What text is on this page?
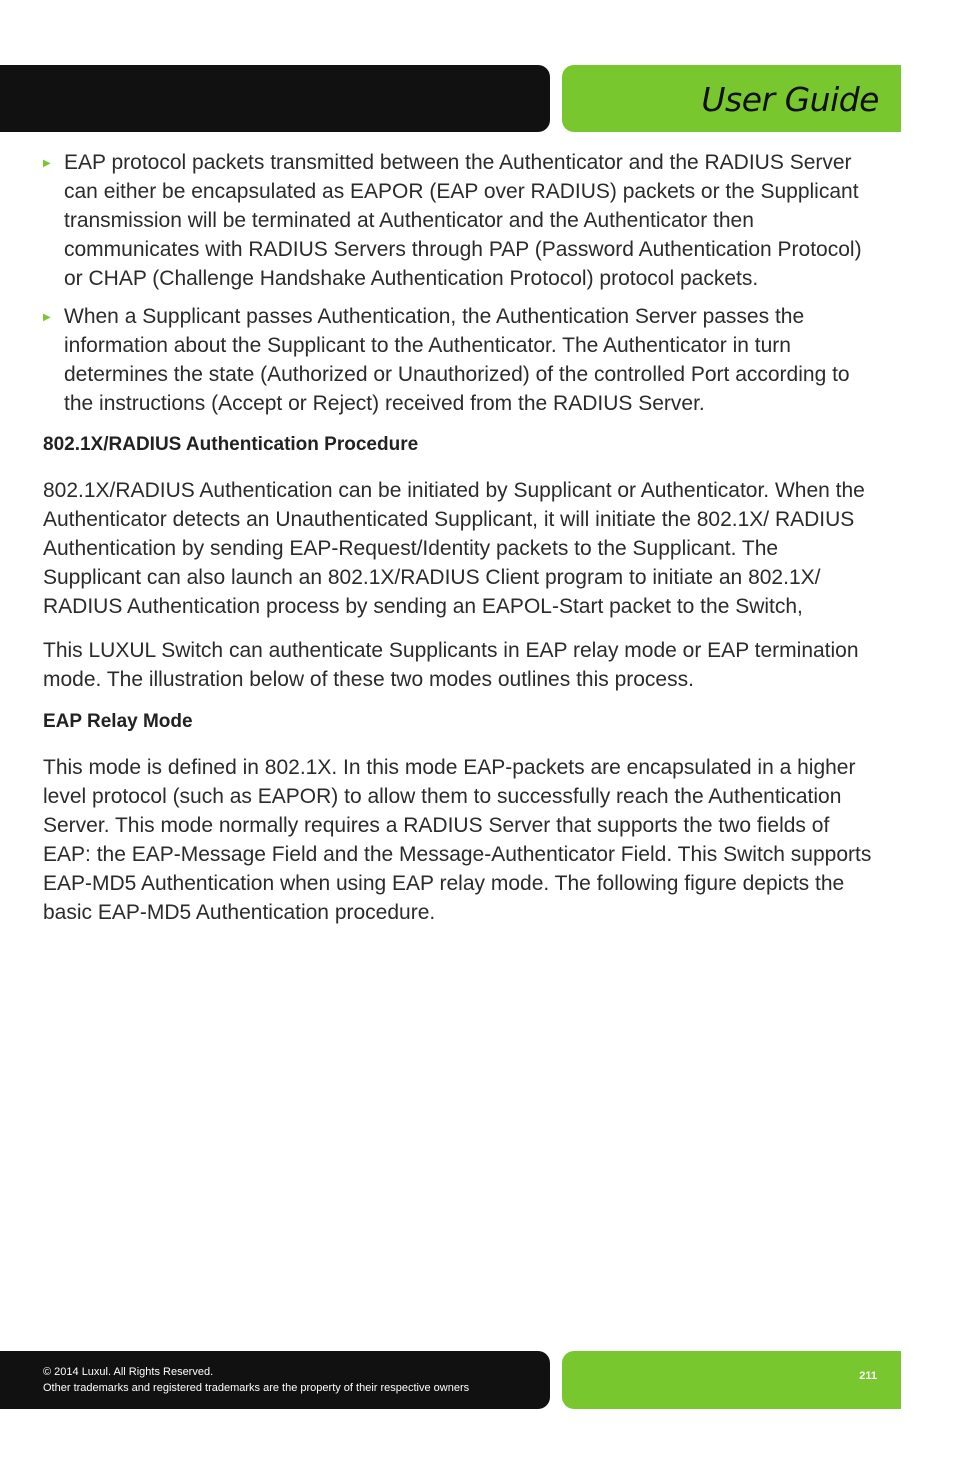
User Guide
▶ EAP protocol packets transmitted between the Authenticator and the RADIUS Server can either be encapsulated as EAPOR (EAP over RADIUS) packets or the Supplicant transmission will be terminated at Authenticator and the Authenticator then communicates with RADIUS Servers through PAP (Password Authentication Protocol) or CHAP (Challenge Handshake Authentication Protocol) protocol packets.
▶ When a Supplicant passes Authentication, the Authentication Server passes the information about the Supplicant to the Authenticator. The Authenticator in turn determines the state (Authorized or Unauthorized) of the controlled Port according to the instructions (Accept or Reject) received from the RADIUS Server.
802.1X/RADIUS Authentication Procedure

802.1X/RADIUS Authentication can be initiated by Supplicant or Authenticator. When the Authenticator detects an Unauthenticated Supplicant, it will initiate the 802.1X/ RADIUS Authentication by sending EAP-Request/Identity packets to the Supplicant. The Supplicant can also launch an 802.1X/RADIUS Client program to initiate an 802.1X/ RADIUS Authentication process by sending an EAPOL-Start packet to the Switch,

This LUXUL Switch can authenticate Supplicants in EAP relay mode or EAP termination mode. The illustration below of these two modes outlines this process.

EAP Relay Mode

This mode is defined in 802.1X. In this mode EAP-packets are encapsulated in a higher level protocol (such as EAPOR) to allow them to successfully reach the Authentication Server. This mode normally requires a RADIUS Server that supports the two fields of EAP: the EAP-Message Field and the Message-Authenticator Field. This Switch supports EAP-MD5 Authentication when using EAP relay mode. The following figure depicts the basic EAP-MD5 Authentication procedure.

© 2014 Luxul. All Rights Reserved.
Other trademarks and registered trademarks are the property of their respective owners
211
